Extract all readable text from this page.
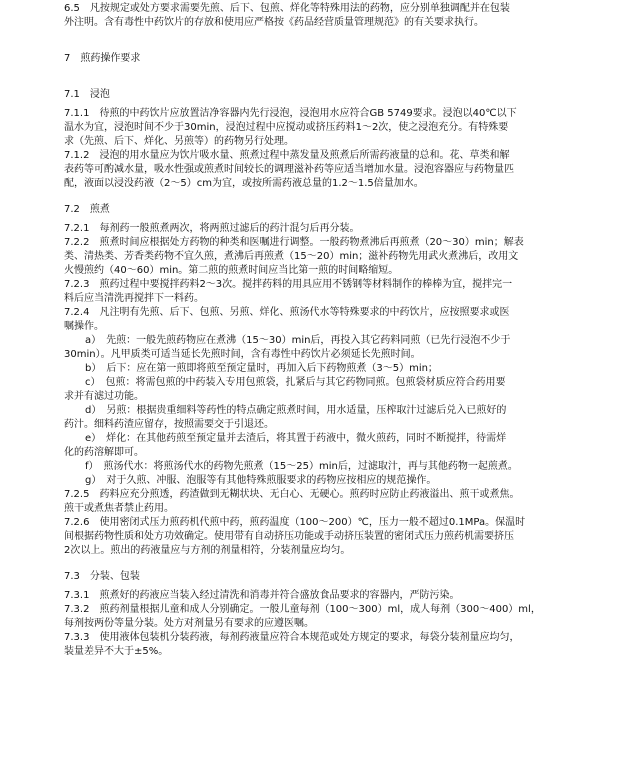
6.5　凡按规定或处方要求需要先煎、后下、包煎、烊化等特殊用法的药物，应分别单独调配并在包装
外注明。含有毒性中药饮片的存放和使用应严格按《药品经营质量管理规范》的有关要求执行。
7　煎药操作要求
7.1　浸泡
7.1.1　待煎的中药饮片应放置洁净容器内先行浸泡，浸泡用水应符合GB 5749要求。浸泡以40℃以下
温水为宜，浸泡时间不少于30min，浸泡过程中应搅动或挤压药料1～2次，使之浸泡充分。有特殊要
求（先煎、后下、烊化、另煎等）的药物另行处理。
7.1.2　浸泡的用水量应为饮片吸水量、煎煮过程中蒸发量及煎煮后所需药液量的总和。花、草类和解
表药等可酌减水量，吸水性强或煎煮时间较长的调理滋补药等应适当增加水量。浸泡容器应与药物量匹
配，液面以浸没药液（2～5）cm为宜，或按所需药液总量的1.2～1.5倍量加水。
7.2　煎煮
7.2.1　每剂药一般煎煮两次，将两煎过滤后的药汁混匀后再分装。
7.2.2　煎煮时间应根据处方药物的种类和医嘱进行调整。一般药物煮沸后再煎煮（20～30）min；解表
类、清热类、芳香类药物不宜久煎，煮沸后再煎煮（15～20）min；滋补药物先用武火煮沸后，改用文
火慢煎约（40～60）min。第二煎的煎煮时间应当比第一煎的时间略缩短。
7.2.3　煎药过程中要搅拌药料2～3次。搅拌药料的用具应用不锈钢等材料制作的棒棒为宜，搅拌完一
料后应当清洗再搅拌下一料药。
7.2.4　凡注明有先煎、后下、包煎、另煎、烊化、煎汤代水等特殊要求的中药饮片，应按照要求或医
嘱操作。
a）　先煎：一般先煎药物应在煮沸（15～30）min后，再投入其它药料同煎（已先行浸泡不少于
30min）。凡甲质类可适当延长先煎时间，含有毒性中药饮片必须延长先煎时间。
b）　后下：应在第一煎即将煎至预定量时，再加入后下药物煎煮（3～5）min；
c）　包煎：将需包煎的中药装入专用包煎袋，扎紧后与其它药物同煎。包煎袋材质应符合药用要
求并有滤过功能。
d）　另煎：根据贵重细料等药性的特点确定煎煮时间，用水适量，压榨取汁过滤后兑入已煎好的
药汁。细料药渣应留存，按照需要交于引退还。
e）　烊化：在其他药煎至预定量并去渣后，将其置于药液中，微火煎药，同时不断搅拌，待需烊
化的药溶解即可。
f）　煎汤代水：将煎汤代水的药物先煎煮（15～25）min后，过滤取汁，再与其他药物一起煎煮。
g）　对于久煎、冲服、泡服等有其他特殊煎服要求的药物应按相应的规范操作。
7.2.5　药料应充分煎透，药渣做到无糊状块、无白心、无硬心。煎药时应防止药液溢出、煎干或煮焦。
煎干或煮焦者禁止药用。
7.2.6　使用密闭式压力煎药机代煎中药，煎药温度（100～200）℃，压力一般不超过0.1MPa。保温时
间根据药物性质和处方功效确定。使用带有自动挤压功能或手动挤压装置的密闭式压力煎药机需要挤压
2次以上。煎出的药液量应与方剂的剂量相符，分装剂量应均匀。
7.3　分装、包装
7.3.1　煎煮好的药液应当装入经过清洗和消毒并符合盛放食品要求的容器内，严防污染。
7.3.2　煎药剂量根据儿童和成人分别确定。一般儿童每剂（100～300）ml，成人每剂（300～400）ml，
每剂按两份等量分装。处方对剂量另有要求的应遵医嘱。
7.3.3　使用液体包装机分装药液，每剂药液量应符合本规范或处方规定的要求，每袋分装剂量应均匀，
装量差异不大于±5%。
